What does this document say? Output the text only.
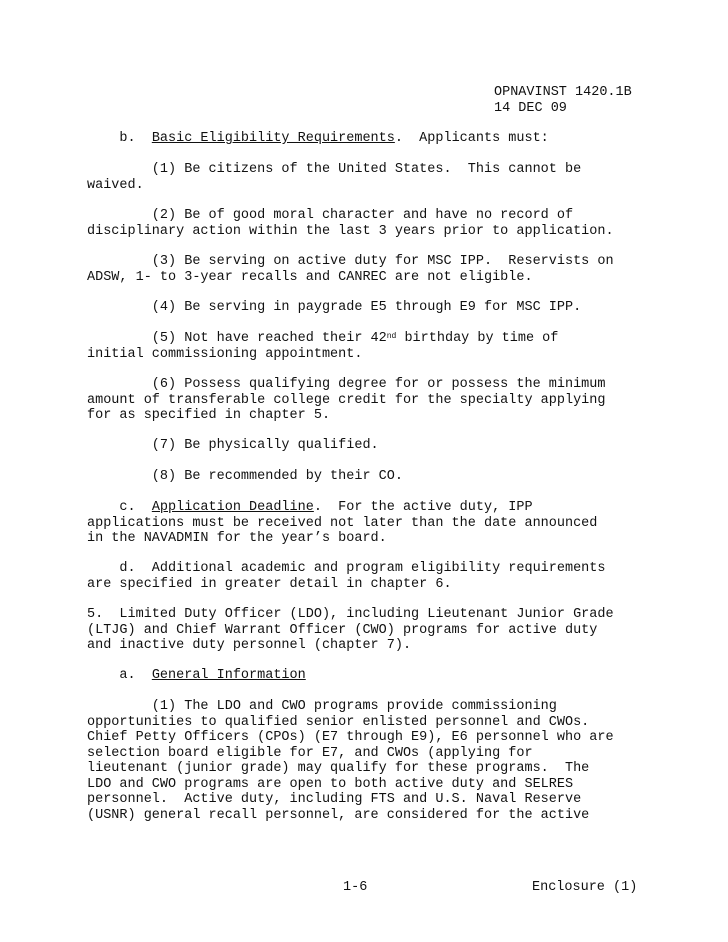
OPNAVINST 1420.1B
14 DEC 09
b. Basic Eligibility Requirements.  Applicants must:
(1) Be citizens of the United States.  This cannot be
waived.
(2) Be of good moral character and have no record of
disciplinary action within the last 3 years prior to application.
(3) Be serving on active duty for MSC IPP.  Reservists on
ADSW, 1- to 3-year recalls and CANREC are not eligible.
(4) Be serving in paygrade E5 through E9 for MSC IPP.
(5) Not have reached their 42nd birthday by time of
initial commissioning appointment.
(6) Possess qualifying degree for or possess the minimum
amount of transferable college credit for the specialty applying
for as specified in chapter 5.
(7) Be physically qualified.
(8) Be recommended by their CO.
c. Application Deadline.  For the active duty, IPP
applications must be received not later than the date announced
in the NAVADMIN for the year’s board.
d.  Additional academic and program eligibility requirements
are specified in greater detail in chapter 6.
5.  Limited Duty Officer (LDO), including Lieutenant Junior Grade
(LTJG) and Chief Warrant Officer (CWO) programs for active duty
and inactive duty personnel (chapter 7).
a. General Information
(1) The LDO and CWO programs provide commissioning
opportunities to qualified senior enlisted personnel and CWOs.
Chief Petty Officers (CPOs) (E7 through E9), E6 personnel who are
selection board eligible for E7, and CWOs (applying for
lieutenant (junior grade) may qualify for these programs.  The
LDO and CWO programs are open to both active duty and SELRES
personnel.  Active duty, including FTS and U.S. Naval Reserve
(USNR) general recall personnel, are considered for the active
1-6	Enclosure (1)
